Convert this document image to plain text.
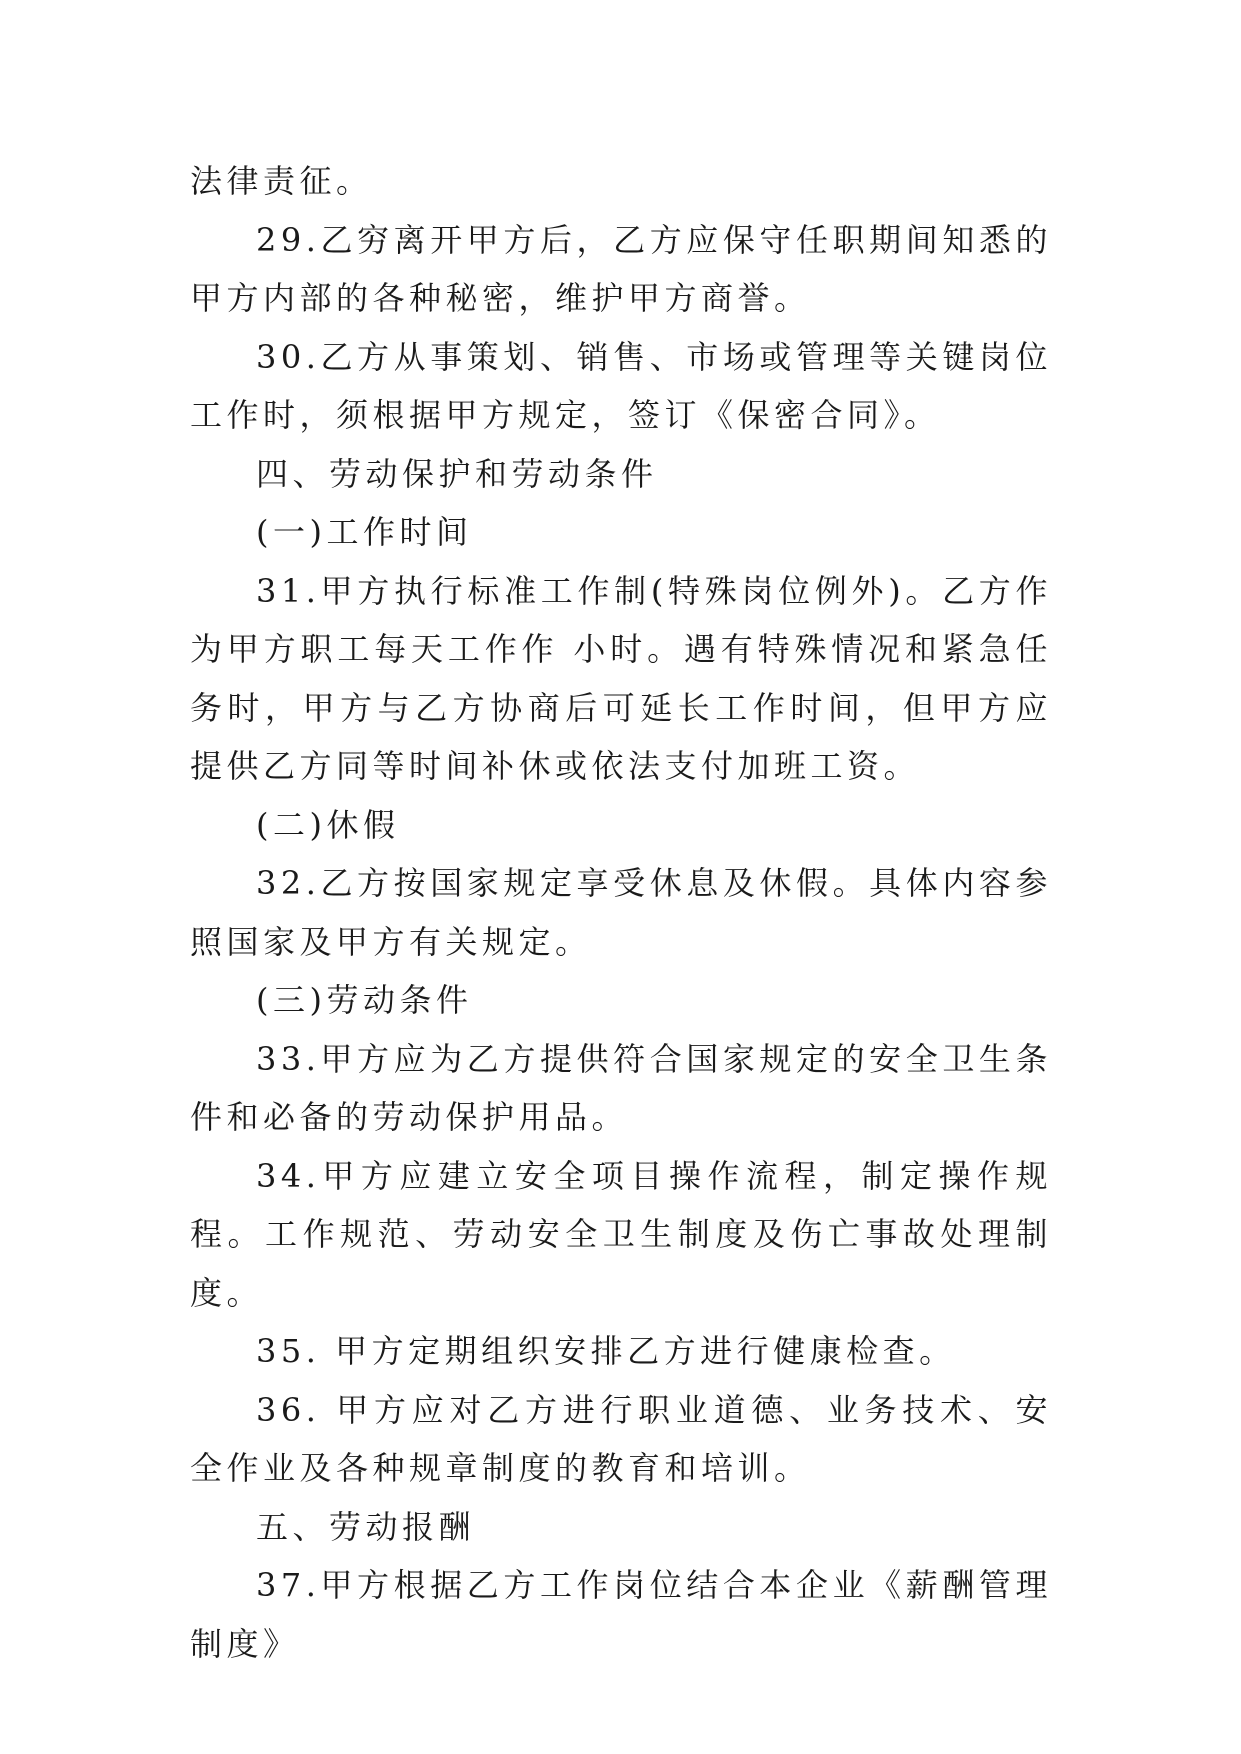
法律责征。

29.乙穷离开甲方后，乙方应保守任职期间知悉的甲方内部的各种秘密，维护甲方商誉。

30.乙方从事策划、销售、市场或管理等关键岗位工作时，须根据甲方规定，签订《保密合同》。

四、劳动保护和劳动条件

(一)工作时间

31.甲方执行标准工作制(特殊岗位例外)。乙方作为甲方职工每天工作作 小时。遇有特殊情况和紧急任务时，甲方与乙方协商后可延长工作时间，但甲方应提供乙方同等时间补休或依法支付加班工资。

(二)休假

32.乙方按国家规定享受休息及休假。具体内容参照国家及甲方有关规定。

(三)劳动条件

33.甲方应为乙方提供符合国家规定的安全卫生条件和必备的劳动保护用品。

34.甲方应建立安全项目操作流程，制定操作规程。工作规范、劳动安全卫生制度及伤亡事故处理制度。

35. 甲方定期组织安排乙方进行健康检查。

36. 甲方应对乙方进行职业道德、业务技术、安全作业及各种规章制度的教育和培训。

五、劳动报酬

37.甲方根据乙方工作岗位结合本企业《薪酬管理制度》
